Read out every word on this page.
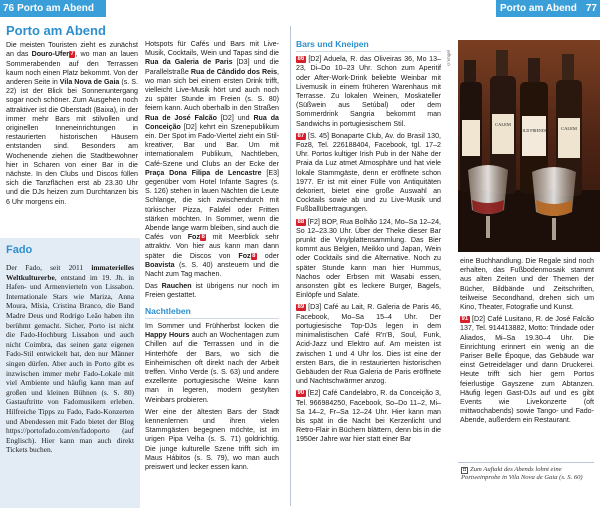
76 Porto am Abend	Porto am Abend 77
Porto am Abend

Die meisten Touristen zieht es zunächst an das Douro-Ufer 7 , wo man an lauen Sommerabenden auf den Terrassen kaum noch einen Platz bekommt. Von der anderen Seite in Vila Nova de Gaia (s. S. 22) ist der Blick bei Sonnenuntergang sogar noch schöner. Zum Ausgehen noch attraktiver ist die Oberstadt (Baixa), in der immer mehr Bars mit stilvollen und originellen Inneneinrichtungen in restaurierten historischen Häusern entstanden sind. Besonders am Wochenende ziehen die Stadtbewohner hier in Scharen von einer Bar in die nächste. In den Clubs und Discos füllen sich die Tanzflächen erst ab 23.30 Uhr und die DJs heizen zum Durchtanzen bis 6 Uhr morgens ein.

Fado
Der Fado, seit 2011 immaterielles Weltkulturerbe, entstand im 19. Jh. in Hafen- und Armenvierteln von Lissabon. Internationale Stars wie Mariza, Anna Moura, Mísia, Cristina Branco, die Band Madre Deus und Rodrigo Leão haben ihn berühmt gemacht. Sicher, Porto ist nicht die Fado-Hochburg Lissabon und auch nicht Coimbra, das seinen ganz eigenen Fado-Stil entwickelt hat, den nur Männer singen dürfen. Aber auch in Porto gibt es inzwischen immer mehr Fado-Lokale mit viel Ambiente und häufig kann man auf großen und kleinen Bühnen (s. S. 80) Gastauftritte von Fadomusikern erleben. Hilfreiche Tipps zu Fado, Fado-Konzerten und Abendessen mit Fado bietet der Blog https://portofado.com/en/fadoporto (auf Englisch). Hier kann man auch direkt Tickets buchen.

Hotspots für Cafés und Bars mit Live-Musik, Cocktails, Wein und Tapas sind die Rua da Galeria de Paris [D3] und die Parallelstraße Rua de Cândido dos Reis, wo man sich bei einem ersten Drink trifft, vielleicht Live-Musik hört und auch noch zu später Stunde im Freien (s. S. 80) feiern kann. Auch oberhalb in den Straßen Rua de José Falcão [D2] und Rua da Conceição [D2] kehrt ein Szenepublikum ein. Der Spot im Fado-Viertel zieht ein Stil-kreativer, Bar und Bar. Um mit internationalem Publikum, Nachtleben, Café-Szene und Clubs an der Ecke der Praça Dona Filipa de Lencastre [E3] gegenüber vom Hotel Infante Sagres (s. S. 126) stehen in lauen Nächten die Leute Schlange, die sich zwischendurch mit türkischer Pizza, Falafel oder Fritten stärken möchten. In Sommer, wenn die Abende lange warm bleiben, sind auch die Cafés von Foz 8 mit Meerblick sehr attraktiv. Von hier aus kann man dann später die Discos von Foz 8 oder Boavista (s. S. 40) ansteuern und die Nacht zum Tag machen.

Das Rauchen ist übrigens nur noch im Freien gestattet.

Nachtleben

Im Sommer und Frühherbst locken die Happy Hours auch an Wochentagen zum Chillen auf die Terrassen und in die Hinterhöfe der Bars, wo sich die Einheimischen oft direkt nach der Arbeit treffen. Vinho Verde (s. S. 63) und andere exzellente portugiesische Weine kann man in legeren, modern gestylten Weinbars probieren.

Wer eine der ältesten Bars der Stadt kennenlernen und ihren vielen Stammgästen begegnen möchte, ist im urigen Pipa Velha (s. S. 71) goldrichtig. Die junge kulturelle Szene trifft sich im Maus Hábitos (s. S. 79), wo man auch preiswert und lecker essen kann.

Bars und Kneipen

86 [D2] Aduela, R. das Oliveiras 36, Mo 13–23, Di–Do 10–23 Uhr. Schon zum Aperitif oder After-Work-Drink beliebte Weinbar mit Livemusik in einem früheren Warenhaus mit Terrasse. Zu lokalen Weinen, Moskateller (Süßwein aus Setúbal) oder dem Sommerdrink Sangria bekommt man Sandwichs in portugiesischem Stil.

87 [S. 45] Bonaparte Club, Av. do Brasil 130, Foz8, Tel. 226188404, Facebook, tgl. 17–2 Uhr. Portos kultiger Irish Pub in der Nähe der Praia da Luz atmet Atmosphäre und hat viele lokale Stammgäste, denn er eröffnete schon 1977. Er ist mit einer Fülle von Antiquitäten dekoriert, bietet eine große Auswahl an Cocktails sowie ab und zu Live-Musik und Fußballübertragungen.

88 [F2] BOP, Rua Bolhão 124, Mo–Sa 12–24, So 12–23.30 Uhr. Über der Theke dieser Bar prunkt die Vinylplattensammlung. Das Bier kommt aus Belgien, Meikko und Japan, Wein oder Cocktails sind die Alternative. Noch zu später Stunde kann man hier Hummus, Nachos oder Erbsen mit Wasabi essen, ansonsten gibt es leckere Burger, Bagels, Einlöpfe und Salate.

89 [D3] Café au Lait, R. Galeria de Paris 46, Facebook, Mo–Sa 15–4 Uhr. Der portugiesische Top-DJs legen in dem minimalistischen Café R'n'B, Soul, Funk, Acid-Jazz und Elektro auf. Am meisten ist zwischen 1 und 4 Uhr los. Dies ist eine der ersten Bars, die in restaurierten historischen Gebäuden der Rua Galeria de Paris eröffnete und Nachtschwärmer anzog.

90 [E2] Café Candelabro, R. da Conceição 3, Tel. 966984250, Facebook, So–Do 11–2, Mi–Sa 14–2, Fr–Sa 12–24 Uhr. Hier kann man bis spät in die Nacht bei Kerzenlicht und Retro-Flair in Büchern blättern, denn bis in die 1950er Jahre war hier statt einer Bar

©Vogel
CALEM
OLD FRIENDS	CALEM

eine Buchhandlung. Die Regale sind noch erhalten, das Fußbodenmosaik stammt aus alten Zeiten und der Themen der Bücher, Bildbände und Zeitschriften, teilweise Secondhand, drehen sich um Kino, Theater, Fotografie und Kunst.

91 [D2] Café Lusitano, R. de José Falcão 137, Tel. 914413882, Motto: Trindade oder Aliados, Mi–Sa 19.30–4 Uhr. Die Einrichtung erinnert ein wenig an die Pariser Belle Époque, das Gebäude war einst Getreidelager und dann Druckerei. Heute trifft sich hier gern Portos feierlustige Gayszene zum Abtanzen. Häufig legen Gast-DJs auf und es gibt Events wie Livekonzerte (oft mittwochabends) sowie Tango- und Fado-Abende, außerdem ein Restaurant.

◘ Zum Auftakt des Abends lohnt eine Portweinprobe in Vila Nova de Gaia (s. S. 60)
